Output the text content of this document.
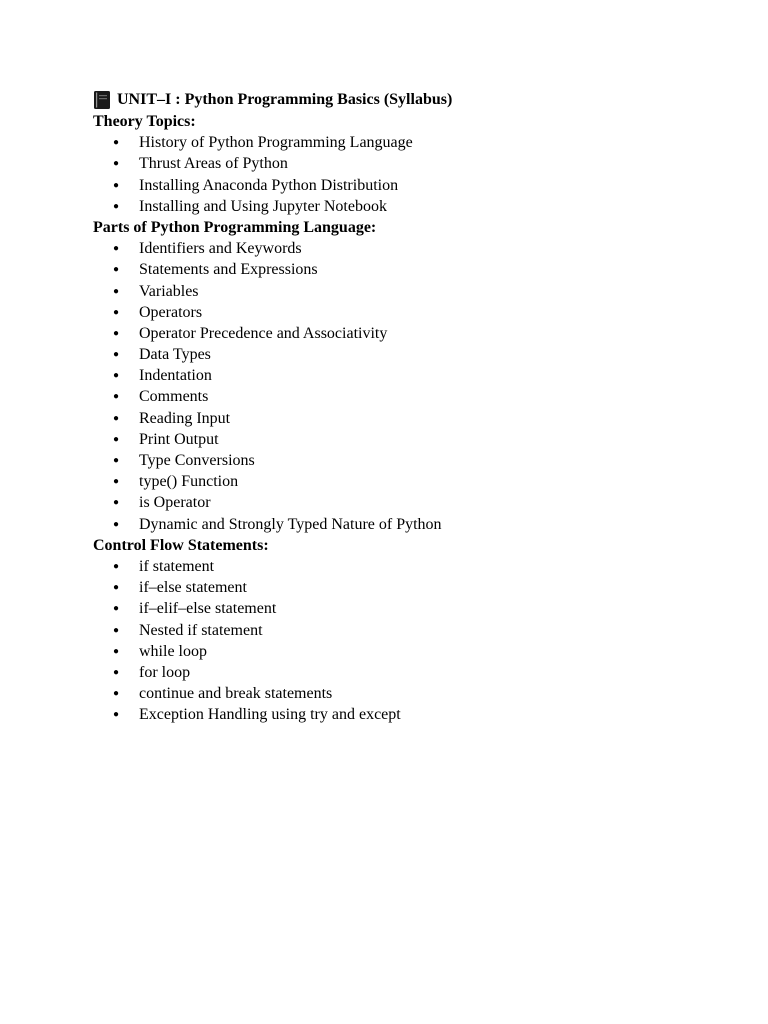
UNIT–I : Python Programming Basics (Syllabus)
Theory Topics:
● History of Python Programming Language
● Thrust Areas of Python
● Installing Anaconda Python Distribution
● Installing and Using Jupyter Notebook
Parts of Python Programming Language:
● Identifiers and Keywords
● Statements and Expressions
● Variables
● Operators
● Operator Precedence and Associativity
● Data Types
● Indentation
● Comments
● Reading Input
● Print Output
● Type Conversions
● type() Function
● is Operator
● Dynamic and Strongly Typed Nature of Python
Control Flow Statements:
● if statement
● if–else statement
● if–elif–else statement
● Nested if statement
● while loop
● for loop
● continue and break statements
● Exception Handling using try and except
